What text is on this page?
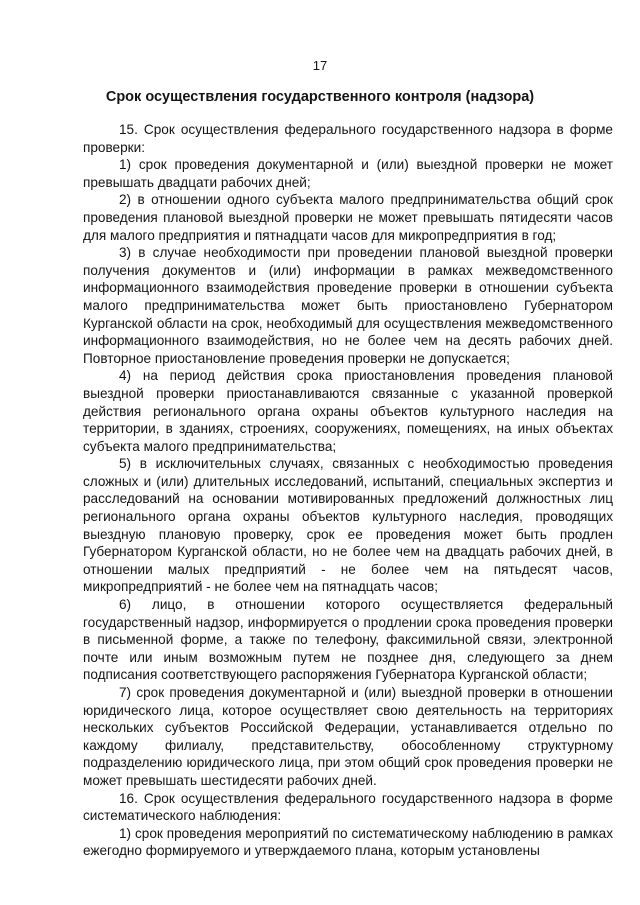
17
Срок осуществления государственного контроля (надзора)

15. Срок осуществления федерального государственного надзора в форме проверки:

1) срок проведения документарной и (или) выездной проверки не может превышать двадцати рабочих дней;

2) в отношении одного субъекта малого предпринимательства общий срок проведения плановой выездной проверки не может превышать пятидесяти часов для малого предприятия и пятнадцати часов для микропредприятия в год;

3) в случае необходимости при проведении плановой выездной проверки получения документов и (или) информации в рамках межведомственного информационного взаимодействия проведение проверки в отношении субъекта малого предпринимательства может быть приостановлено Губернатором Курганской области на срок, необходимый для осуществления межведомственного информационного взаимодействия, но не более чем на десять рабочих дней. Повторное приостановление проведения проверки не допускается;

4) на период действия срока приостановления проведения плановой выездной проверки приостанавливаются связанные с указанной проверкой действия регионального органа охраны объектов культурного наследия на территории, в зданиях, строениях, сооружениях, помещениях, на иных объектах субъекта малого предпринимательства;

5) в исключительных случаях, связанных с необходимостью проведения сложных и (или) длительных исследований, испытаний, специальных экспертиз и расследований на основании мотивированных предложений должностных лиц регионального органа охраны объектов культурного наследия, проводящих выездную плановую проверку, срок ее проведения может быть продлен Губернатором Курганской области, но не более чем на двадцать рабочих дней, в отношении малых предприятий - не более чем на пятьдесят часов, микропредприятий - не более чем на пятнадцать часов;

6) лицо, в отношении которого осуществляется федеральный государственный надзор, информируется о продлении срока проведения проверки в письменной форме, а также по телефону, факсимильной связи, электронной почте или иным возможным путем не позднее дня, следующего за днем подписания соответствующего распоряжения Губернатора Курганской области;

7) срок проведения документарной и (или) выездной проверки в отношении юридического лица, которое осуществляет свою деятельность на территориях нескольких субъектов Российской Федерации, устанавливается отдельно по каждому филиалу, представительству, обособленному структурному подразделению юридического лица, при этом общий срок проведения проверки не может превышать шестидесяти рабочих дней.

16. Срок осуществления федерального государственного надзора в форме систематического наблюдения:

1) срок проведения мероприятий по систематическому наблюдению в рамках ежегодно формируемого и утверждаемого плана, которым установлены
